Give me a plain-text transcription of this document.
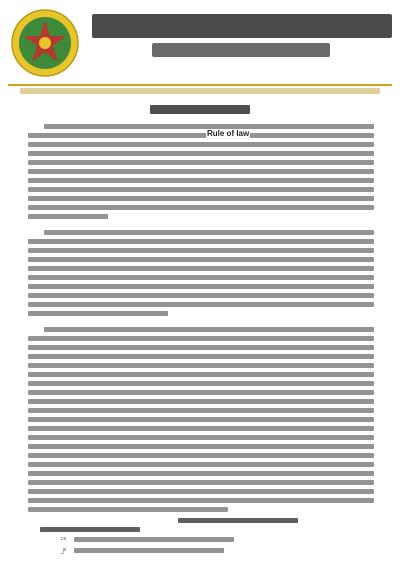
Rule of law
၁။
၂။
